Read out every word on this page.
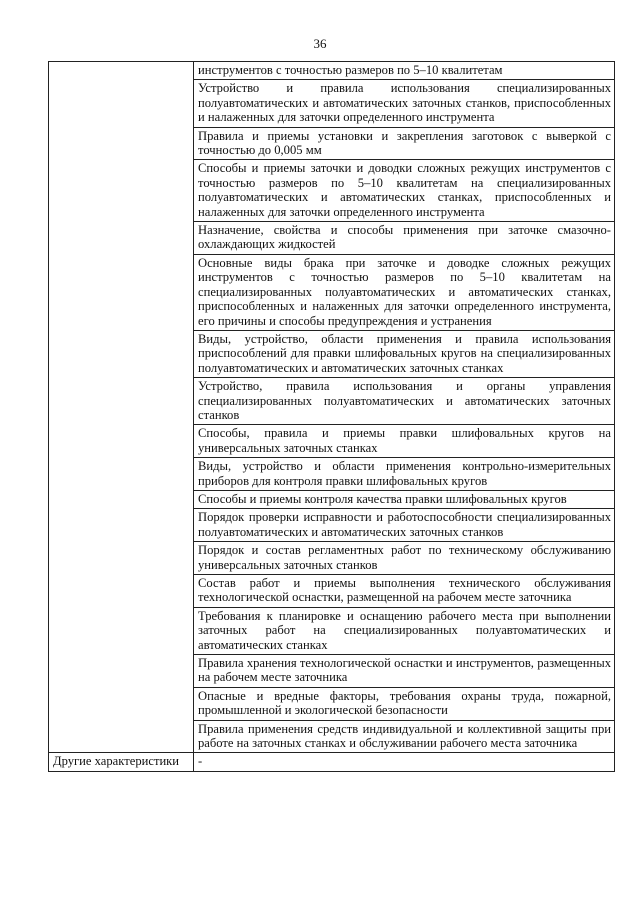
36
	инструментов с точностью размеров по 5–10 квалитетам
	Устройство и правила использования специализированных полуавтоматических и автоматических заточных станков, приспособленных и налаженных для заточки определенного инструмента
	Правила и приемы установки и закрепления заготовок с выверкой с точностью до 0,005 мм
	Способы и приемы заточки и доводки сложных режущих инструментов с точностью размеров по 5–10 квалитетам на специализированных полуавтоматических и автоматических станках, приспособленных и налаженных для заточки определенного инструмента
	Назначение, свойства и способы применения при заточке смазочно-охлаждающих жидкостей
	Основные виды брака при заточке и доводке сложных режущих инструментов с точностью размеров по 5–10 квалитетам на специализированных полуавтоматических и автоматических станках, приспособленных и налаженных для заточки определенного инструмента, его причины и способы предупреждения и устранения
	Виды, устройство, области применения и правила использования приспособлений для правки шлифовальных кругов на специализированных полуавтоматических и автоматических заточных станках
	Устройство, правила использования и органы управления специализированных полуавтоматических и автоматических заточных станков
	Способы, правила и приемы правки шлифовальных кругов на универсальных заточных станках
	Виды, устройство и области применения контрольно-измерительных приборов для контроля правки шлифовальных кругов
	Способы и приемы контроля качества правки шлифовальных кругов
	Порядок проверки исправности и работоспособности специализированных полуавтоматических и автоматических заточных станков
	Порядок и состав регламентных работ по техническому обслуживанию универсальных заточных станков
	Состав работ и приемы выполнения технического обслуживания технологической оснастки, размещенной на рабочем месте заточника
	Требования к планировке и оснащению рабочего места при выполнении заточных работ на специализированных полуавтоматических и автоматических станках
	Правила хранения технологической оснастки и инструментов, размещенных на рабочем месте заточника
	Опасные и вредные факторы, требования охраны труда, пожарной, промышленной и экологической безопасности
	Правила применения средств индивидуальной и коллективной защиты при работе на заточных станках и обслуживании рабочего места заточника
Другие характеристики	-
